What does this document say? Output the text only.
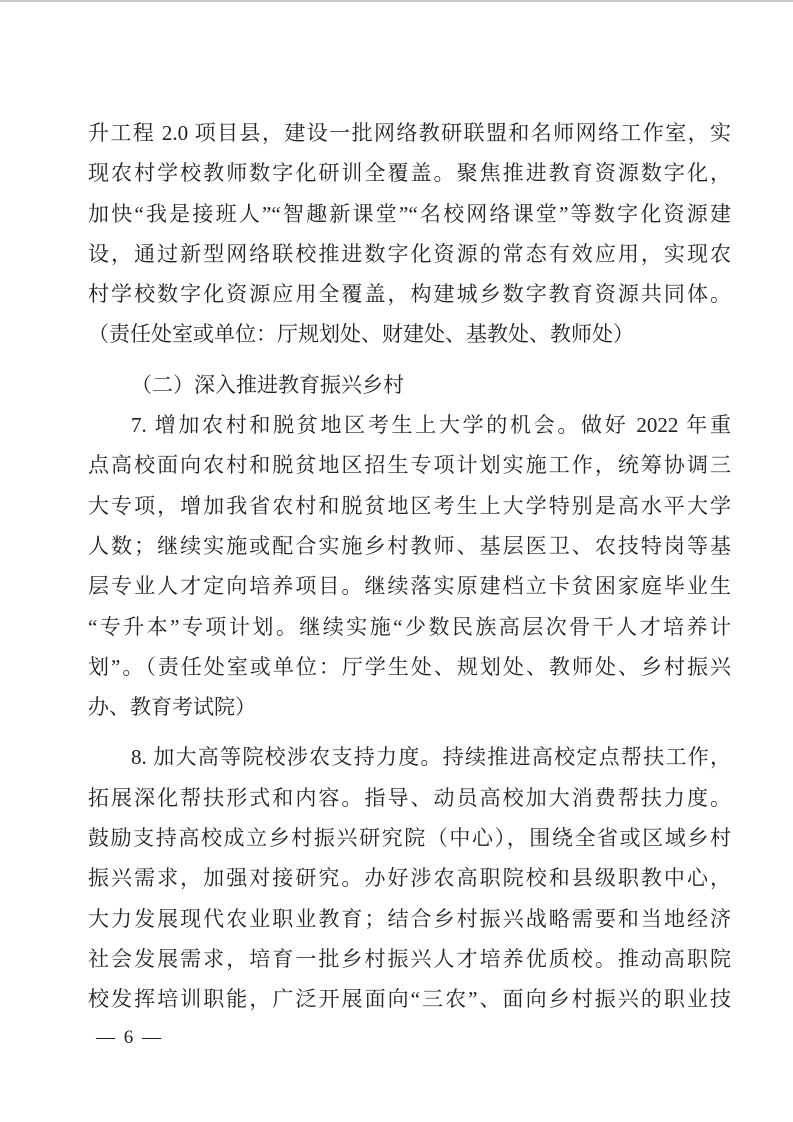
升工程 2.0 项目县，建设一批网络教研联盟和名师网络工作室，实
现农村学校教师数字化研训全覆盖。聚焦推进教育资源数字化，
加快“我是接班人”“智趣新课堂”“名校网络课堂”等数字化资源建
设，通过新型网络联校推进数字化资源的常态有效应用，实现农
村学校数字化资源应用全覆盖，构建城乡数字教育资源共同体。
（责任处室或单位：厅规划处、财建处、基教处、教师处）
（二）深入推进教育振兴乡村
7. 增加农村和脱贫地区考生上大学的机会。做好 2022 年重
点高校面向农村和脱贫地区招生专项计划实施工作，统筹协调三
大专项，增加我省农村和脱贫地区考生上大学特别是高水平大学
人数；继续实施或配合实施乡村教师、基层医卫、农技特岗等基
层专业人才定向培养项目。继续落实原建档立卡贫困家庭毕业生
“专升本”专项计划。继续实施“少数民族高层次骨干人才培养计
划”。（责任处室或单位：厅学生处、规划处、教师处、乡村振兴
办、教育考试院）
8. 加大高等院校涉农支持力度。持续推进高校定点帮扶工作，
拓展深化帮扶形式和内容。指导、动员高校加大消费帮扶力度。
鼓励支持高校成立乡村振兴研究院（中心），围绕全省或区域乡村
振兴需求，加强对接研究。办好涉农高职院校和县级职教中心，
大力发展现代农业职业教育；结合乡村振兴战略需要和当地经济
社会发展需求，培育一批乡村振兴人才培养优质校。推动高职院
校发挥培训职能，广泛开展面向“三农”、面向乡村振兴的职业技
— 6 —
